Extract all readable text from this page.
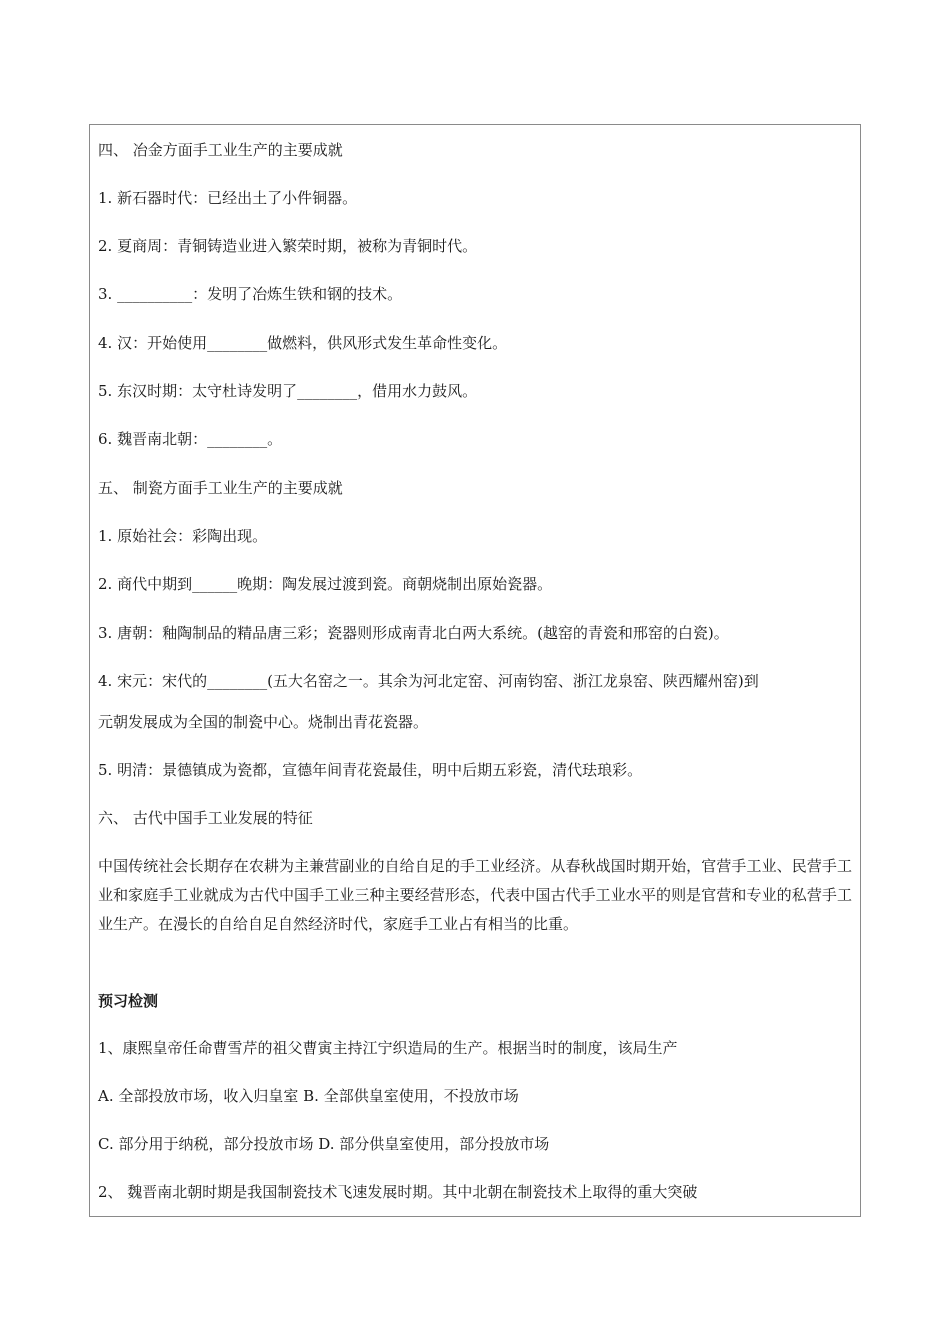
四、 冶金方面手工业生产的主要成就
1. 新石器时代：已经出土了小件铜器。
2. 夏商周：青铜铸造业进入繁荣时期，被称为青铜时代。
3. __________：发明了冶炼生铁和钢的技术。
4. 汉：开始使用________做燃料，供风形式发生革命性变化。
5. 东汉时期：太守杜诗发明了________，借用水力鼓风。
6. 魏晋南北朝：________。
五、 制瓷方面手工业生产的主要成就
1. 原始社会：彩陶出现。
2. 商代中期到______晚期：陶发展过渡到瓷。商朝烧制出原始瓷器。
3. 唐朝：釉陶制品的精品唐三彩；瓷器则形成南青北白两大系统。(越窑的青瓷和邢窑的白瓷)。
4. 宋元：宋代的________(五大名窑之一。其余为河北定窑、河南钧窑、浙江龙泉窑、陕西耀州窑)到
元朝发展成为全国的制瓷中心。烧制出青花瓷器。
5. 明清：景德镇成为瓷都，宣德年间青花瓷最佳，明中后期五彩瓷，清代珐琅彩。
六、 古代中国手工业发展的特征
中国传统社会长期存在农耕为主兼营副业的自给自足的手工业经济。从春秋战国时期开始，官营手工业、民营手工业和家庭手工业就成为古代中国手工业三种主要经营形态，代表中国古代手工业水平的则是官营和专业的私营手工业生产。在漫长的自给自足自然经济时代，家庭手工业占有相当的比重。
预习检测
1、康熙皇帝任命曹雪芹的祖父曹寅主持江宁织造局的生产。根据当时的制度，该局生产
A. 全部投放市场，收入归皇室 B. 全部供皇室使用，不投放市场
C. 部分用于纳税，部分投放市场 D. 部分供皇室使用，部分投放市场
2、 魏晋南北朝时期是我国制瓷技术飞速发展时期。其中北朝在制瓷技术上取得的重大突破
